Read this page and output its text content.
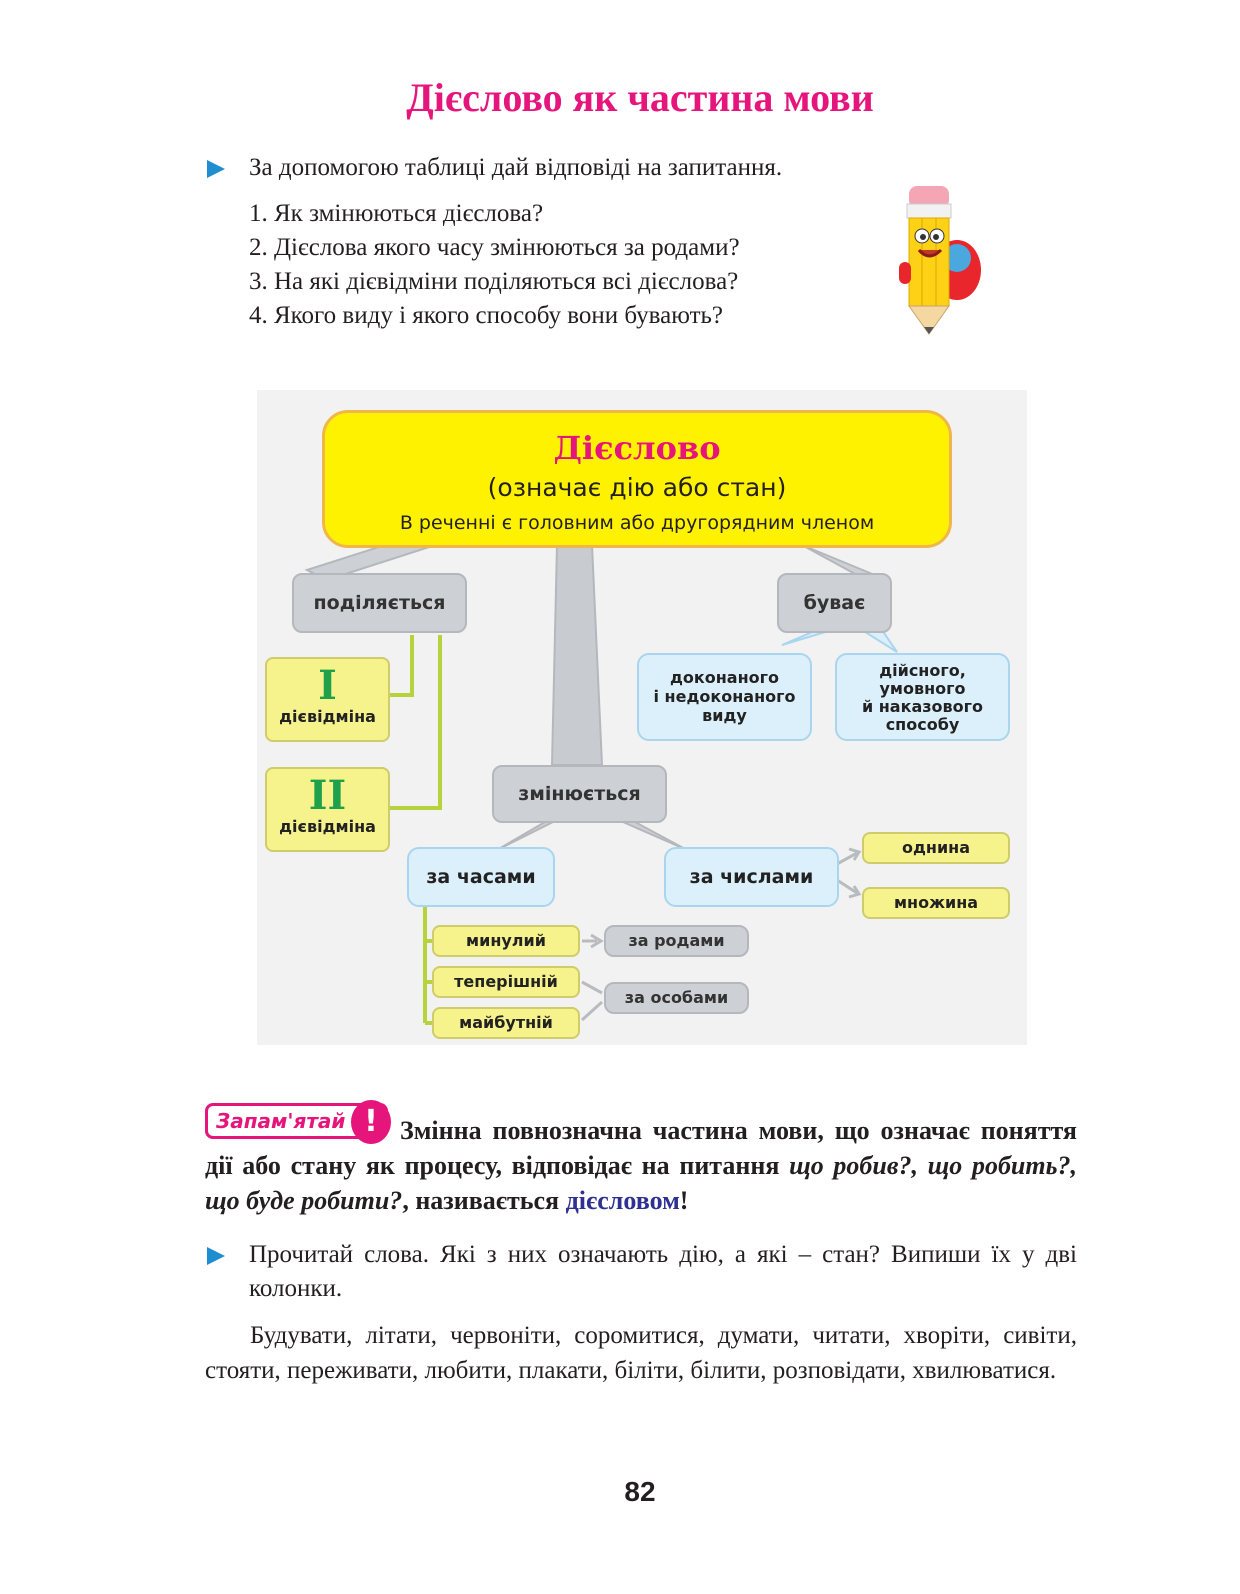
Дієслово як частина мови
За допомогою таблиці дай відповіді на запитання.
1. Як змінюються дієслова?
2. Дієслова якого часу змінюються за родами?
3. На які дієвідміни поділяються всі дієслова?
4. Якого виду і якого способу вони бувають?
Дієслово
(означає дію або стан)
В реченні є головним або другорядним членом
поділяється
I
дієвідміна
II
дієвідміна
буває
доконаного
і недоконаного
виду
дійсного,
умовного
й наказового
способу
змінюється
за часами	за числами
однина
множина
минулий
теперішній
майбутній
за родами
за особами
Запам'ятай ! Змінна повнозначна частина мови, що означає поняття дії або стану як процесу, відповідає на питання що робив?, що робить?, що буде робити?, називається дієсловом!
Прочитай слова. Які з них означають дію, а які – стан? Випиши їх у дві колонки.
Будувати, літати, червоніти, соромитися, думати, читати, хворіти, сивіти, стояти, переживати, любити, плакати, біліти, білити, розповідати, хвилюватися.
82
